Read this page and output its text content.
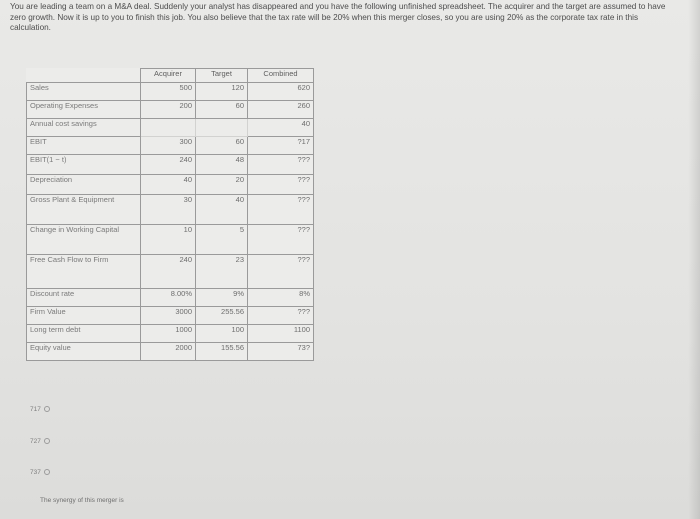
You are leading a team on a M&A deal. Suddenly your analyst has disappeared and you have the following unfinished spreadsheet. The acquirer and the target are assumed to have zero growth. Now it is up to you to finish this job. You also believe that the tax rate will be 20% when this merger closes, so you are using 20% as the corporate tax rate in this calculation.
	Acquirer	Target	Combined
Sales	500	120	620
Operating Expenses	200	60	260
Annual cost savings			40
EBIT	300	60	?17
EBIT(1 − t)	240	48	???
Depreciation	40	20	???
Gross Plant & Equipment	30	40	???
Change in Working Capital	10	5	???
Free Cash Flow to Firm	240	23	???
Discount rate	8.00%	9%	8%
Firm Value	3000	255.56	???
Long term debt	1000	100	1100
Equity value	2000	155.56	73?
717
727
737
The synergy of this merger is
